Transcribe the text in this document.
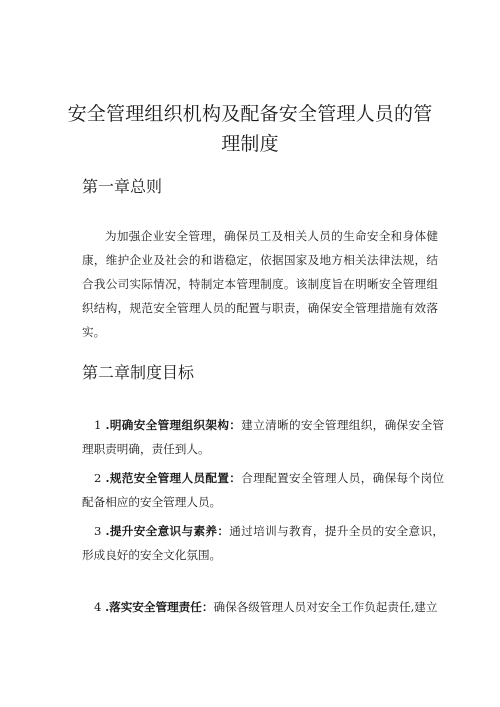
安全管理组织机构及配备安全管理人员的管理制度
第一章总则

为加强企业安全管理，确保员工及相关人员的生命安全和身体健康，维护企业及社会的和谐稳定，依据国家及地方相关法律法规，结合我公司实际情况，特制定本管理制度。该制度旨在明晰安全管理组织结构，规范安全管理人员的配置与职责，确保安全管理措施有效落实。

第二章制度目标

1 .明确安全管理组织架构：建立清晰的安全管理组织，确保安全管理职责明确，责任到人。

2 .规范安全管理人员配置：合理配置安全管理人员，确保每个岗位配备相应的安全管理人员。

3 .提升安全意识与素养：通过培训与教育，提升全员的安全意识，形成良好的安全文化氛围。

4 .落实安全管理责任：确保各级管理人员对安全工作负起责任,建立
